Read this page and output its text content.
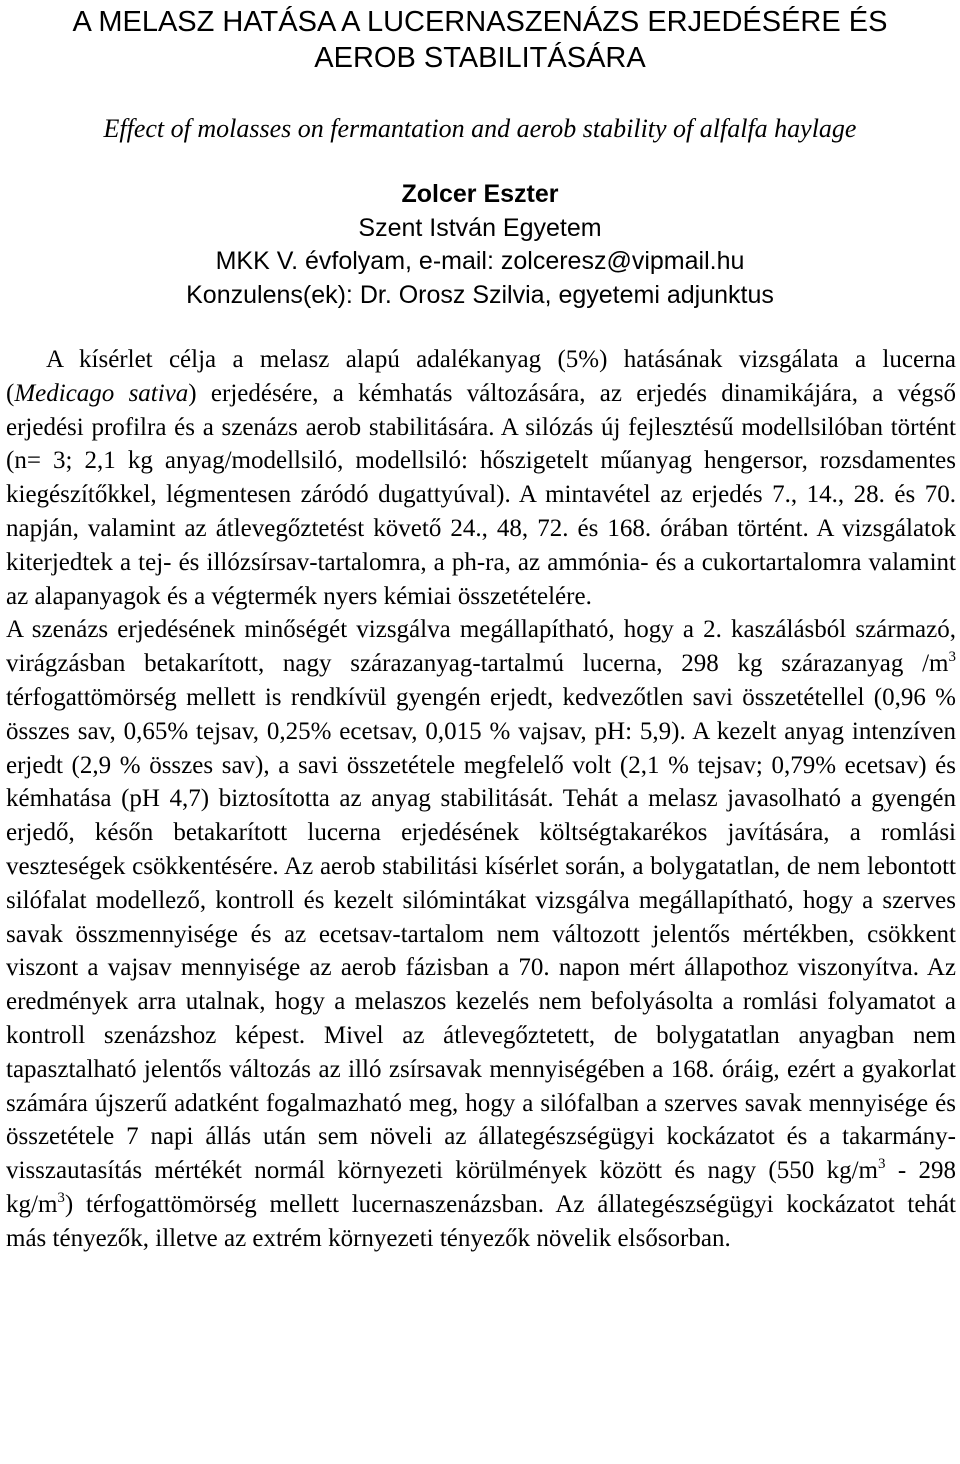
A MELASZ HATÁSA A LUCERNASZENÁZS ERJEDÉSÉRE ÉS
AEROB STABILITÁSÁRA
Effect of molasses on fermantation and aerob stability of alfalfa haylage
Zolcer Eszter
Szent István Egyetem
MKK V. évfolyam, e-mail: zolceresz@vipmail.hu
Konzulens(ek): Dr. Orosz Szilvia, egyetemi adjunktus

A kísérlet célja a melasz alapú adalékanyag (5%) hatásának vizsgálata a lucerna (Medicago sativa) erjedésére, a kémhatás változására, az erjedés dinamikájára, a végső erjedési profilra és a szenázs aerob stabilitására. A silózás új fejlesztésű modellsilóban történt (n= 3; 2,1 kg anyag/modellsiló, modellsiló: hőszigetelt műanyag hengersor, rozsdamentes kiegészítőkkel, légmentesen záródó dugattyúval). A mintavétel az erjedés 7., 14., 28. és 70. napján, valamint az átlevegőztetést követő 24., 48, 72. és 168. órában történt. A vizsgálatok kiterjedtek a tej- és illózsírsav-tartalomra, a ph-ra, az ammónia- és a cukortartalomra valamint az alapanyagok és a végtermék nyers kémiai összetételére.

A szenázs erjedésének minőségét vizsgálva megállapítható, hogy a 2. kaszálásból származó, virágzásban betakarított, nagy szárazanyag-tartalmú lucerna, 298 kg szárazanyag $/m^3$ térfogattömörség mellett is rendkívül gyengén erjedt, kedvezőtlen savi összetétellel (0,96 % összes sav, 0,65% tejsav, 0,25% ecetsav, 0,015 % vajsav, pH: 5,9). A kezelt anyag intenzíven erjedt (2,9 % összes sav), a savi összetétele megfelelő volt (2,1 % tejsav; 0,79% ecetsav) és kémhatása (pH 4,7) biztosította az anyag stabilitását. Tehát a melasz javasolható a gyengén erjedő, későn betakarított lucerna erjedésének költségtakarékos javítására, a romlási veszteségek csökkentésére. Az aerob stabilitási kísérlet során, a bolygatatlan, de nem lebontott silófalat modellező, kontroll és kezelt silómintákat vizsgálva megállapítható, hogy a szerves savak összmennyisége és az ecetsav-tartalom nem változott jelentős mértékben, csökkent viszont a vajsav mennyisége az aerob fázisban a 70. napon mért állapothoz viszonyítva. Az eredmények arra utalnak, hogy a melaszos kezelés nem befolyásolta a romlási folyamatot a kontroll szenázshoz képest. Mivel az átlevegőztetett, de bolygatatlan anyagban nem tapasztalható jelentős változás az illó zsírsavak mennyiségében a 168. óráig, ezért a gyakorlat számára újszerű adatként fogalmazható meg, hogy a silófalban a szerves savak mennyisége és összetétele 7 napi állás után sem növeli az állategészségügyi kockázatot és a takarmány-visszautasítás mértékét normál környezeti körülmények között és nagy (550 $kg/m^3 - 298$ $kg/m^3$) térfogattömörség mellett lucernaszenázsban. Az állategészségügyi kockázatot tehát más tényezők, illetve az extrém környezeti tényezők növelik elsősorban.
